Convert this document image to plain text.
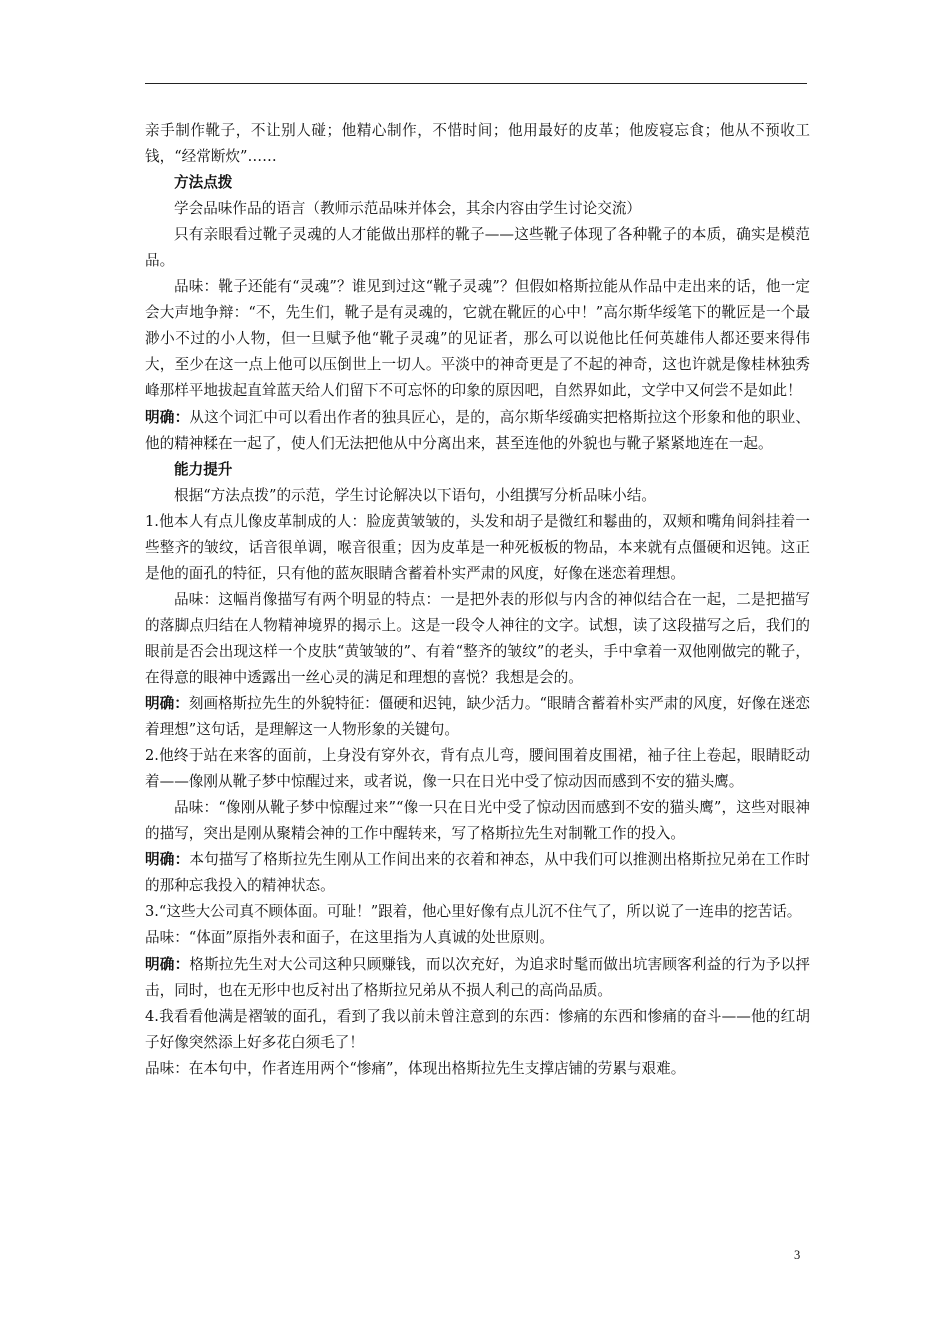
亲手制作靴子，不让别人碰；他精心制作，不惜时间；他用最好的皮革；他废寝忘食；他从不预收工钱，“经常断炊”……

方法点拨

学会品味作品的语言（教师示范品味并体会，其余内容由学生讨论交流）

只有亲眼看过靴子灵魂的人才能做出那样的靴子——这些靴子体现了各种靴子的本质，确实是模范品。

品味：靴子还能有“灵魂”？谁见到过这“靴子灵魂”？但假如格斯拉能从作品中走出来的话，他一定会大声地争辩：“不，先生们，靴子是有灵魂的，它就在靴匠的心中！”高尔斯华绥笔下的靴匠是一个最渺小不过的小人物，但一旦赋予他“靴子灵魂”的见证者，那么可以说他比任何英雄伟人都还要来得伟大，至少在这一点上他可以压倒世上一切人。平淡中的神奇更是了不起的神奇，这也许就是像桂林独秀峰那样平地拔起直耸蓝天给人们留下不可忘怀的印象的原因吧，自然界如此，文学中又何尝不是如此！

明确：从这个词汇中可以看出作者的独具匠心，是的，高尔斯华绥确实把格斯拉这个形象和他的职业、他的精神糅在一起了，使人们无法把他从中分离出来，甚至连他的外貌也与靴子紧紧地连在一起。

能力提升

根据“方法点拨”的示范，学生讨论解决以下语句，小组撰写分析品味小结。

1.他本人有点儿像皮革制成的人：脸庞黄皱皱的，头发和胡子是微红和鬈曲的，双颊和嘴角间斜挂着一些整齐的皱纹，话音很单调，喉音很重；因为皮革是一种死板板的物品，本来就有点僵硬和迟钝。这正是他的面孔的特征，只有他的蓝灰眼睛含蓄着朴实严肃的风度，好像在迷恋着理想。

品味：这幅肖像描写有两个明显的特点：一是把外表的形似与内含的神似结合在一起，二是把描写的落脚点归结在人物精神境界的揭示上。这是一段令人神往的文字。试想，读了这段描写之后，我们的眼前是否会出现这样一个皮肤“黄皱皱的”、有着“整齐的皱纹”的老头，手中拿着一双他刚做完的靴子，在得意的眼神中透露出一丝心灵的满足和理想的喜悦？我想是会的。

明确：刻画格斯拉先生的外貌特征：僵硬和迟钝，缺少活力。“眼睛含蓄着朴实严肃的风度，好像在迷恋着理想”这句话，是理解这一人物形象的关键句。

2.他终于站在来客的面前，上身没有穿外衣，背有点儿弯，腰间围着皮围裙，袖子往上卷起，眼睛眨动着——像刚从靴子梦中惊醒过来，或者说，像一只在日光中受了惊动因而感到不安的猫头鹰。

品味：“像刚从靴子梦中惊醒过来”“像一只在日光中受了惊动因而感到不安的猫头鹰”，这些对眼神的描写，突出是刚从聚精会神的工作中醒转来，写了格斯拉先生对制靴工作的投入。

明确：本句描写了格斯拉先生刚从工作间出来的衣着和神态，从中我们可以推测出格斯拉兄弟在工作时的那种忘我投入的精神状态。

3.“这些大公司真不顾体面。可耻！”跟着，他心里好像有点儿沉不住气了，所以说了一连串的挖苦话。

品味：“体面”原指外表和面子，在这里指为人真诚的处世原则。

明确：格斯拉先生对大公司这种只顾赚钱，而以次充好，为追求时髦而做出坑害顾客利益的行为予以抨击，同时，也在无形中也反衬出了格斯拉兄弟从不损人利己的高尚品质。

4.我看看他满是褶皱的面孔，看到了我以前未曾注意到的东西：惨痛的东西和惨痛的奋斗——他的红胡子好像突然添上好多花白须毛了！

品味：在本句中，作者连用两个“惨痛”，体现出格斯拉先生支撑店铺的劳累与艰难。

3
